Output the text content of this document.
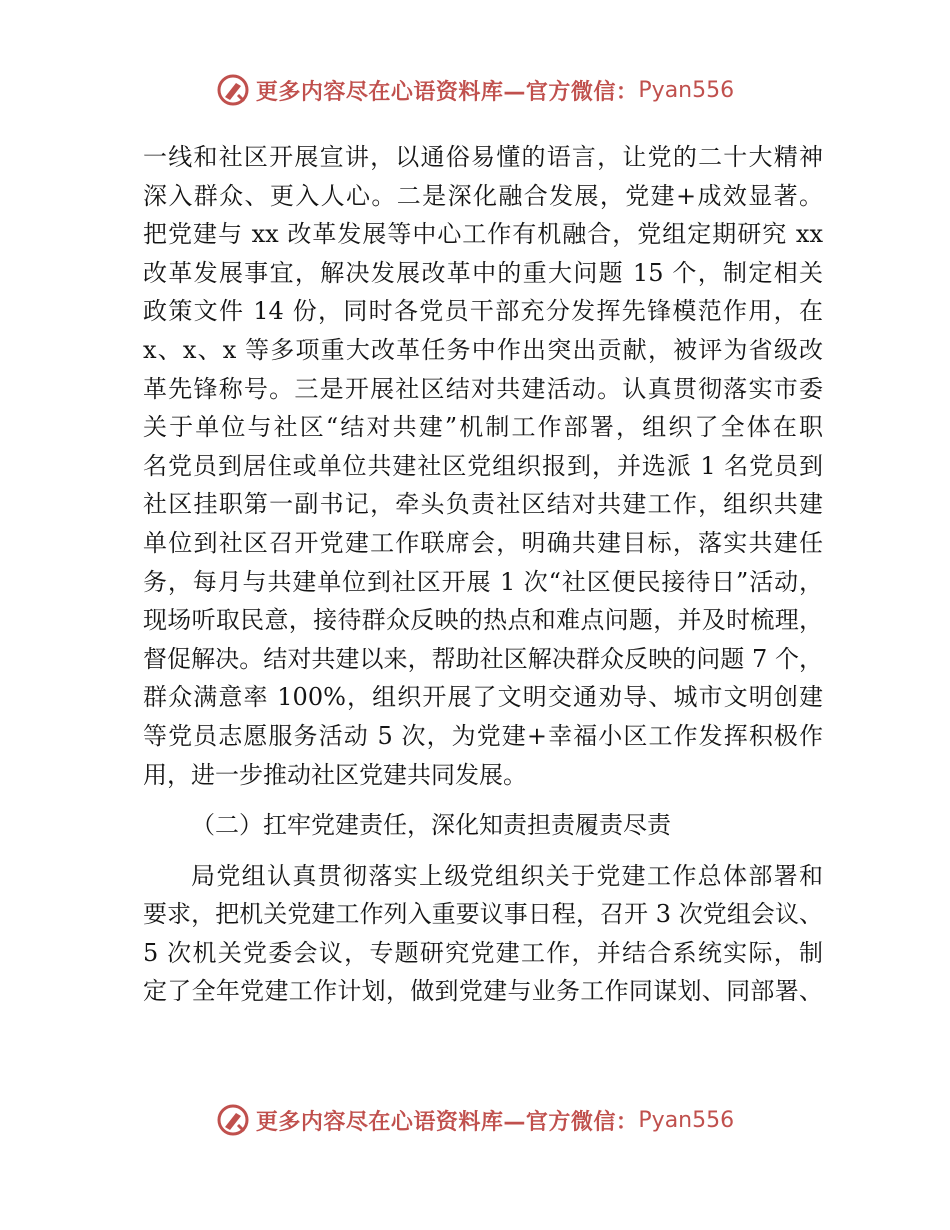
更多内容尽在心语资料库—官方微信： Pyan556
一线和社区开展宣讲，以通俗易懂的语言，让党的二十大精神
深入群众、更入人心。二是深化融合发展，党建+成效显著。
把党建与 xx 改革发展等中心工作有机融合，党组定期研究 xx
改革发展事宜，解决发展改革中的重大问题 15 个，制定相关
政策文件 14 份，同时各党员干部充分发挥先锋模范作用，在
x、x、x 等多项重大改革任务中作出突出贡献，被评为省级改
革先锋称号。三是开展社区结对共建活动。认真贯彻落实市委
关于单位与社区“结对共建”机制工作部署，组织了全体在职
名党员到居住或单位共建社区党组织报到，并选派 1 名党员到
社区挂职第一副书记，牵头负责社区结对共建工作，组织共建
单位到社区召开党建工作联席会，明确共建目标，落实共建任
务，每月与共建单位到社区开展 1 次“社区便民接待日”活动，
现场听取民意，接待群众反映的热点和难点问题，并及时梳理，
督促解决。结对共建以来，帮助社区解决群众反映的问题 7 个，
群众满意率 100%，组织开展了文明交通劝导、城市文明创建
等党员志愿服务活动 5 次，为党建+幸福小区工作发挥积极作
用，进一步推动社区党建共同发展。
（二）扛牢党建责任，深化知责担责履责尽责
局党组认真贯彻落实上级党组织关于党建工作总体部署和
要求，把机关党建工作列入重要议事日程，召开 3 次党组会议、
5 次机关党委会议，专题研究党建工作，并结合系统实际，制
定了全年党建工作计划，做到党建与业务工作同谋划、同部署、
更多内容尽在心语资料库—官方微信： Pyan556
